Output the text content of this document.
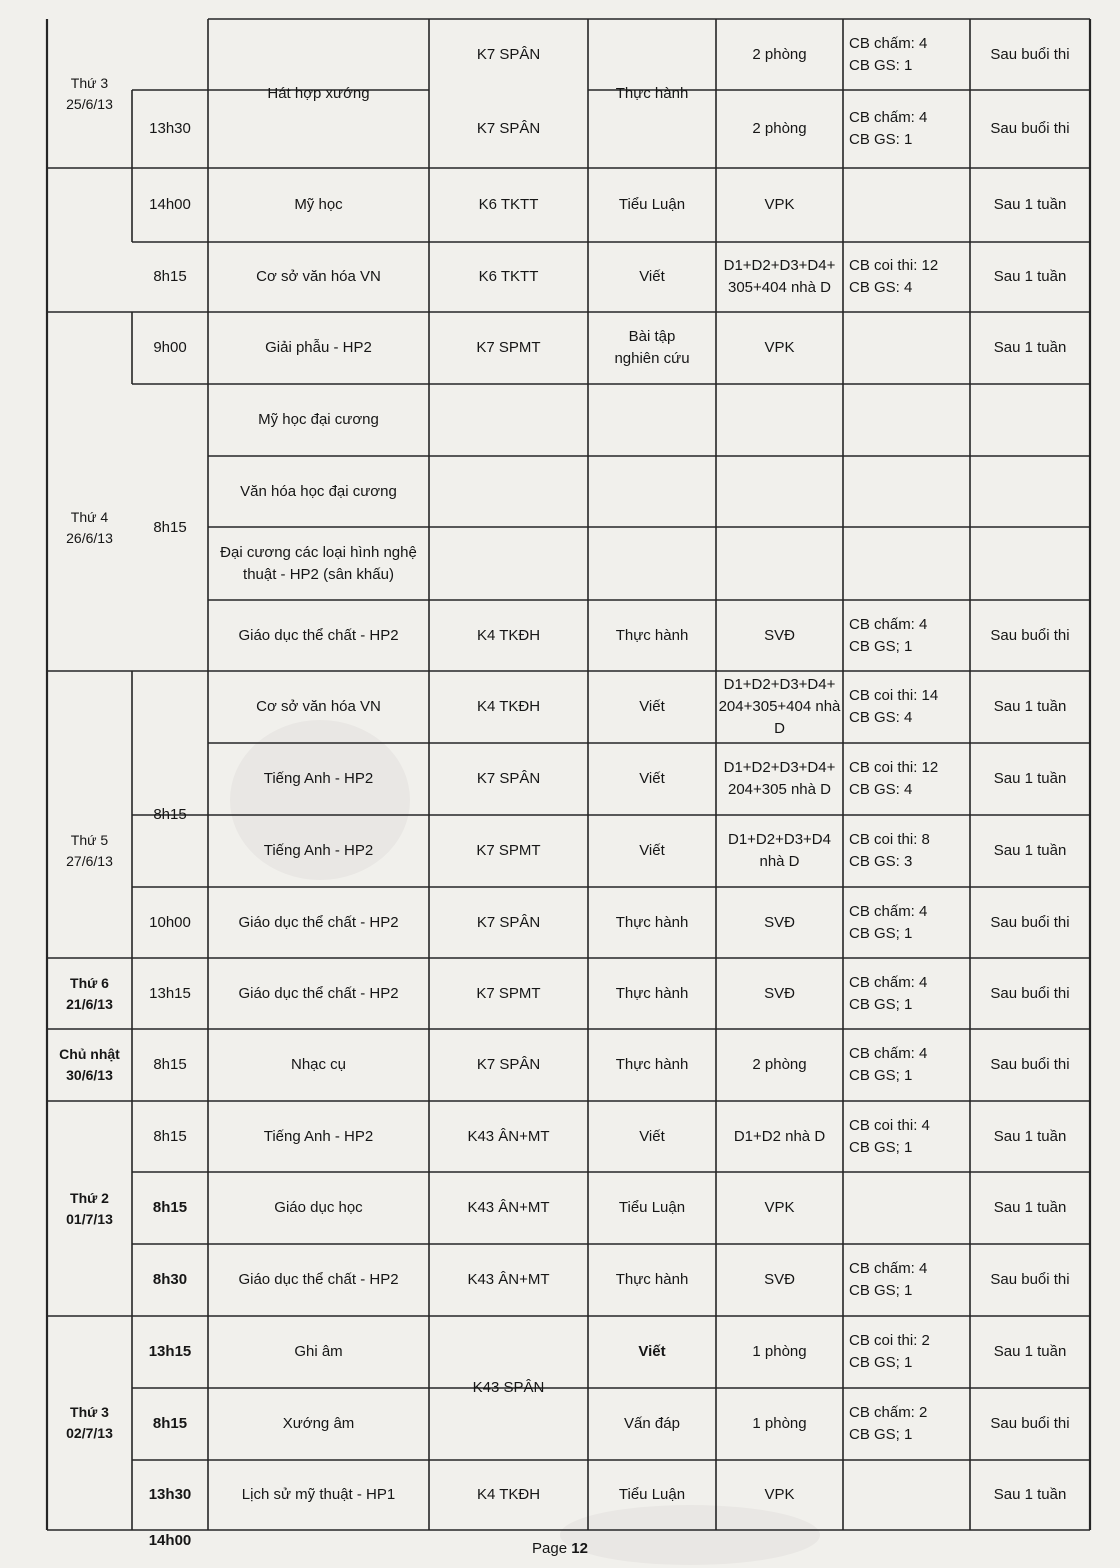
Thứ 3
25/6/13
Thứ 4
26/6/13
Thứ 5
27/6/13
Thứ 6
21/6/13
Chủ nhật
30/6/13
Thứ 2
01/7/13
Thứ 3
02/7/13
13h30
14h00
8h15
9h00
8h15
8h15
10h00
13h15
8h15
8h15
8h15
8h30
13h15
8h15
13h30
14h00
Hát hợp xướng
Mỹ học
Cơ sở văn hóa VN
Giải phẫu - HP2
Mỹ học đại cương
Văn hóa học đại cương
Đại cương các loại hình nghệ
thuật - HP2 (sân khấu)
Giáo dục thể chất - HP2
Cơ sở văn hóa VN
Tiếng Anh - HP2
Tiếng Anh - HP2
Giáo dục thể chất - HP2
Giáo dục thể chất - HP2
Nhạc cụ
Tiếng Anh - HP2
Giáo dục học
Giáo dục thể chất - HP2
Ghi âm
Xướng âm
Lịch sử mỹ thuật - HP1
K7 SPÂN
K7 SPÂN
K6 TKTT
K6 TKTT
K7 SPMT
K4 TKĐH
K4 TKĐH
K7 SPÂN
K7 SPMT
K7 SPÂN
K7 SPMT
K7 SPÂN
K43 ÂN+MT
K43 ÂN+MT
K43 ÂN+MT
K43 SPÂN
K4 TKĐH
Thực hành
Tiểu Luận
Viết
Bài tập
nghiên cứu
Thực hành
Viết
Viết
Viết
Thực hành
Thực hành
Thực hành
Viết
Tiểu Luận
Thực hành
Viết
Vấn đáp
Tiểu Luận
2 phòng
2 phòng
VPK
D1+D2+D3+D4+
305+404 nhà D
VPK
SVĐ
D1+D2+D3+D4+
204+305+404 nhà D
D1+D2+D3+D4+
204+305 nhà D
D1+D2+D3+D4 nhà D
SVĐ
SVĐ
2 phòng
D1+D2 nhà D
VPK
SVĐ
1 phòng
1 phòng
VPK
CB chấm: 4
CB GS: 1
CB chấm: 4
CB GS: 1
CB coi thi: 12
CB GS: 4
CB chấm: 4
CB GS; 1
CB coi thi: 14
CB GS: 4
CB coi thi: 12
CB GS: 4
CB coi thi: 8
CB GS: 3
CB chấm: 4
CB GS; 1
CB chấm: 4
CB GS; 1
CB chấm: 4
CB GS; 1
CB coi thi: 4
CB GS; 1
CB chấm: 4
CB GS; 1
CB coi thi: 2
CB GS; 1
CB chấm: 2
CB GS; 1
Sau buổi thi
Sau buổi thi
Sau 1 tuần
Sau 1 tuần
Sau 1 tuần
Sau buổi thi
Sau 1 tuần
Sau 1 tuần
Sau 1 tuần
Sau buổi thi
Sau buổi thi
Sau buổi thi
Sau 1 tuần
Sau 1 tuần
Sau buổi thi
Sau 1 tuần
Sau buổi thi
Sau 1 tuần
Page 12
